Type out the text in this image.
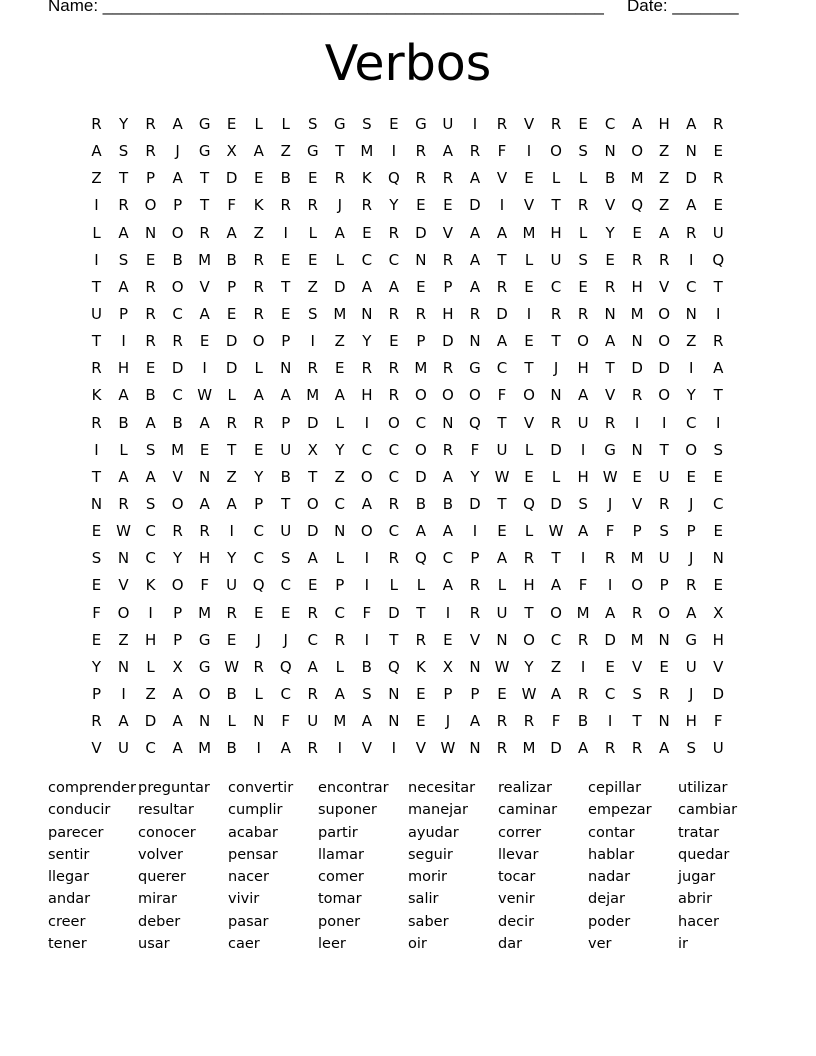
Name: _____________________________________________________ Date: _______
Verbos
R	Y	R	A	G	E	L	L	S	G	S	E	G	U	I	R	V	R	E	C	A	H	A	R
A	S	R	J	G	X	A	Z	G	T	M	I	R	A	R	F	I	O	S	N	O	Z	N	E
Z	T	P	A	T	D	E	B	E	R	K	Q	R	R	A	V	E	L	L	B	M	Z	D	R
I	R	O	P	T	F	K	R	R	J	R	Y	E	E	D	I	V	T	R	V	Q	Z	A	E
L	A	N	O	R	A	Z	I	L	A	E	R	D	V	A	A	M H	L	Y	E	A	R	U
I	S	E	B	M	B	R	E	E	L	C	C	N	R	A	T	L	U	S	E	R	R	I	Q
T	A	R	O	V	P	R	T	Z	D	A	A	E	P	A	R	E	C	E	R	H	V	C	T
U	P	R	C	A	E	R	E	S	M N	R	R	H	R	D	I	R	R	N M O	N	I
T	I	R	R	E	D	O	P	I	Z	Y	E	P	D	N	A	E	T	O	A	N	O	Z	R
R	H	E	D	I	D	L	N	R	E	R	R	M	R	G	C	T	J	H	T	D	D	I	A
K	A	B	C W	L	A	A	M	A	H	R	O	O	O	F	O	N	A	V	R	O	Y	T
R	B	A	B	A	R	R	P	D	L	I	O	C	N	Q	T	V	R	U	R	I	I	C	I
I	L	S	M	E	T	E	U	X	Y	C	C	O	R	F	U	L	D	I	G	N	T	O	S
T	A	A	V	N	Z	Y	B	T	Z	O	C	D	A	Y	W E	L	H W E	U	E	E
N	R	S	O	A	A	P	T	O	C	A	R	B	B	D	T	Q	D	S	J	V	R	J	C
E W C	R	R	I	C	U	D	N	O	C	A	A	I	E	L	W A	F	P	S	P	E
S	N	C	Y	H	Y	C	S	A	L	I	R	Q	C	P	A	R	T	I	R	M	U	J	N
E	V	K	O	F	U	Q	C	E	P	I	L	L	A	R	L	H	A	F	I	O	P	R	E
F	O	I	P	M	R	E	E	R	C	F	D	T	I	R	U	T	O M	A	R	O	A	X
E	Z	H	P	G	E	J	J	C	R	I	T	R	E	V	N	O	C	R	D M N	G	H
Y	N	L	X	G W R	Q	A	L	B	Q	K	X	N W	Y	Z	I	E	V	E	U	V
P	I	Z	A	O	B	L	C	R	A	S	N	E	P	P	E W A	R	C	S	R	J	D
R	A	D	A	N	L	N	F	U	M	A	N	E	J	A	R	R	F	B	I	T	N	H	F
V	U	C	A	M	B	I	A	R	I	V	I	V W N	R	M D	A	R	R	A	S	U
comprender preguntar	convertir	encontrar	necesitar	realizar	cepillar	utilizar
conducir	resultar	cumplir	suponer	manejar	caminar	empezar	cambiar
parecer	conocer	acabar	partir	ayudar	correr	contar	tratar
sentir	volver	pensar	llamar	seguir	llevar	hablar	quedar
llegar	querer	nacer	comer	morir	tocar	nadar	jugar
andar	mirar	vivir	tomar	salir	venir	dejar	abrir
creer	deber	pasar	poner	saber	decir	poder	hacer
tener	usar	caer	leer	oir	dar	ver	ir
